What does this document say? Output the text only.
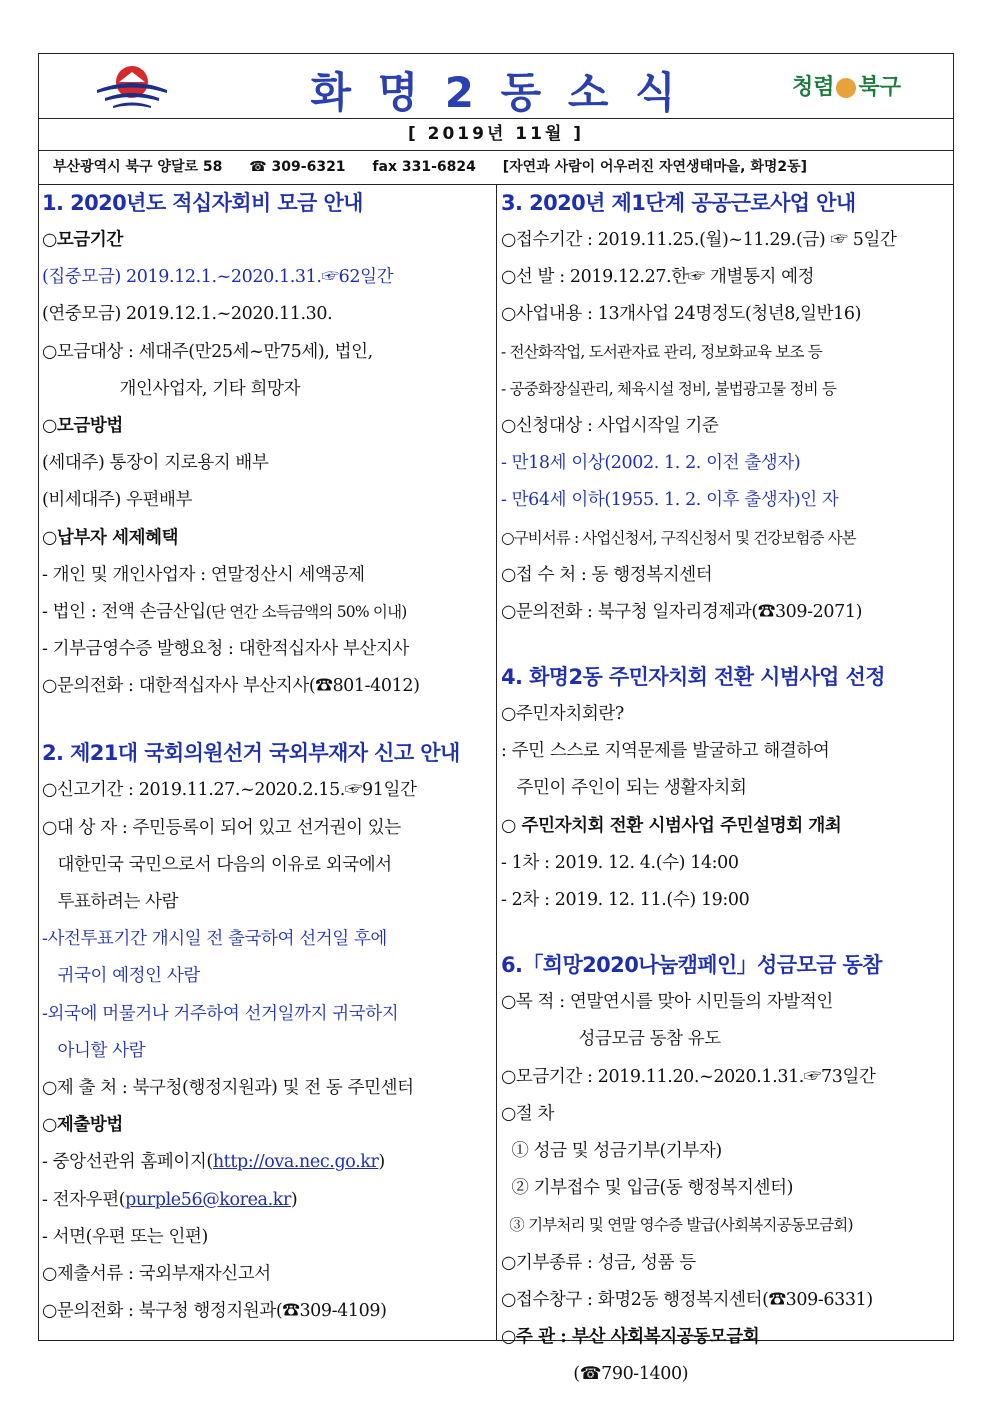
화 명 2 동 소 식	청렴 북구
[ 2019년 11월 ]
부산광역시 북구 양달로 58 ☎ 309-6321 fax 331-6824 [자연과 사람이 어우러진 자연생태마을, 화명2동]
1. 2020년도 적십자회비 모금 안내
○모금기간
(집중모금) 2019.12.1.~2020.1.31.☞62일간
(연중모금) 2019.12.1.~2020.11.30.
○모금대상 : 세대주(만25세~만75세), 법인,
개인사업자, 기타 희망자
○모금방법
(세대주) 통장이 지로용지 배부
(비세대주) 우편배부
○납부자 세제혜택
- 개인 및 개인사업자 : 연말정산시 세액공제
- 법인 : 전액 손금산입(단 연간 소득금액의 50% 이내)
- 기부금영수증 발행요청 : 대한적십자사 부산지사
○문의전화 : 대한적십자사 부산지사(☎801-4012)
2. 제21대 국회의원선거 국외부재자 신고 안내
○신고기간 : 2019.11.27.~2020.2.15.☞91일간
○대 상 자 : 주민등록이 되어 있고 선거권이 있는
대한민국 국민으로서 다음의 이유로 외국에서
투표하려는 사람
-사전투표기간 개시일 전 출국하여 선거일 후에
귀국이 예정인 사람
-외국에 머물거나 거주하여 선거일까지 귀국하지
아니할 사람
○제 출 처 : 북구청(행정지원과) 및 전 동 주민센터
○제출방법
- 중앙선관위 홈페이지(http://ova.nec.go.kr)
- 전자우편(purple56@korea.kr)
- 서면(우편 또는 인편)
○제출서류 : 국외부재자신고서
○문의전화 : 북구청 행정지원과(☎309-4109)
3. 2020년 제1단계 공공근로사업 안내
○접수기간 : 2019.11.25.(월)~11.29.(금) ☞ 5일간
○선 발 : 2019.12.27.한☞ 개별통지 예정
○사업내용 : 13개사업 24명정도(청년8,일반16)
- 전산화작업, 도서관자료 관리, 정보화교육 보조 등
- 공중화장실관리, 체육시설 정비, 불법광고물 정비 등
○신청대상 : 사업시작일 기준
- 만18세 이상(2002. 1. 2. 이전 출생자)
- 만64세 이하(1955. 1. 2. 이후 출생자)인 자
○구비서류 : 사업신청서, 구직신청서 및 건강보험증 사본
○접 수 처 : 동 행정복지센터
○문의전화 : 북구청 일자리경제과(☎309-2071)
4. 화명2동 주민자치회 전환 시범사업 선정
○주민자치회란?
: 주민 스스로 지역문제를 발굴하고 해결하여
주민이 주인이 되는 생활자치회
○ 주민자치회 전환 시범사업 주민설명회 개최
- 1차 : 2019. 12. 4.(수) 14:00
- 2차 : 2019. 12. 11.(수) 19:00
6.「희망2020나눔캠페인」성금모금 동참
○목 적 : 연말연시를 맞아 시민들의 자발적인
성금모금 동참 유도
○모금기간 : 2019.11.20.~2020.1.31.☞73일간
○절 차
① 성금 및 성금기부(기부자)
② 기부접수 및 입금(동 행정복지센터)
③ 기부처리 및 연말 영수증 발급(사회복지공동모금회)
○기부종류 : 성금, 성품 등
○접수창구 : 화명2동 행정복지센터(☎309-6331)
○주 관 : 부산 사회복지공동모금회
(☎790-1400)
